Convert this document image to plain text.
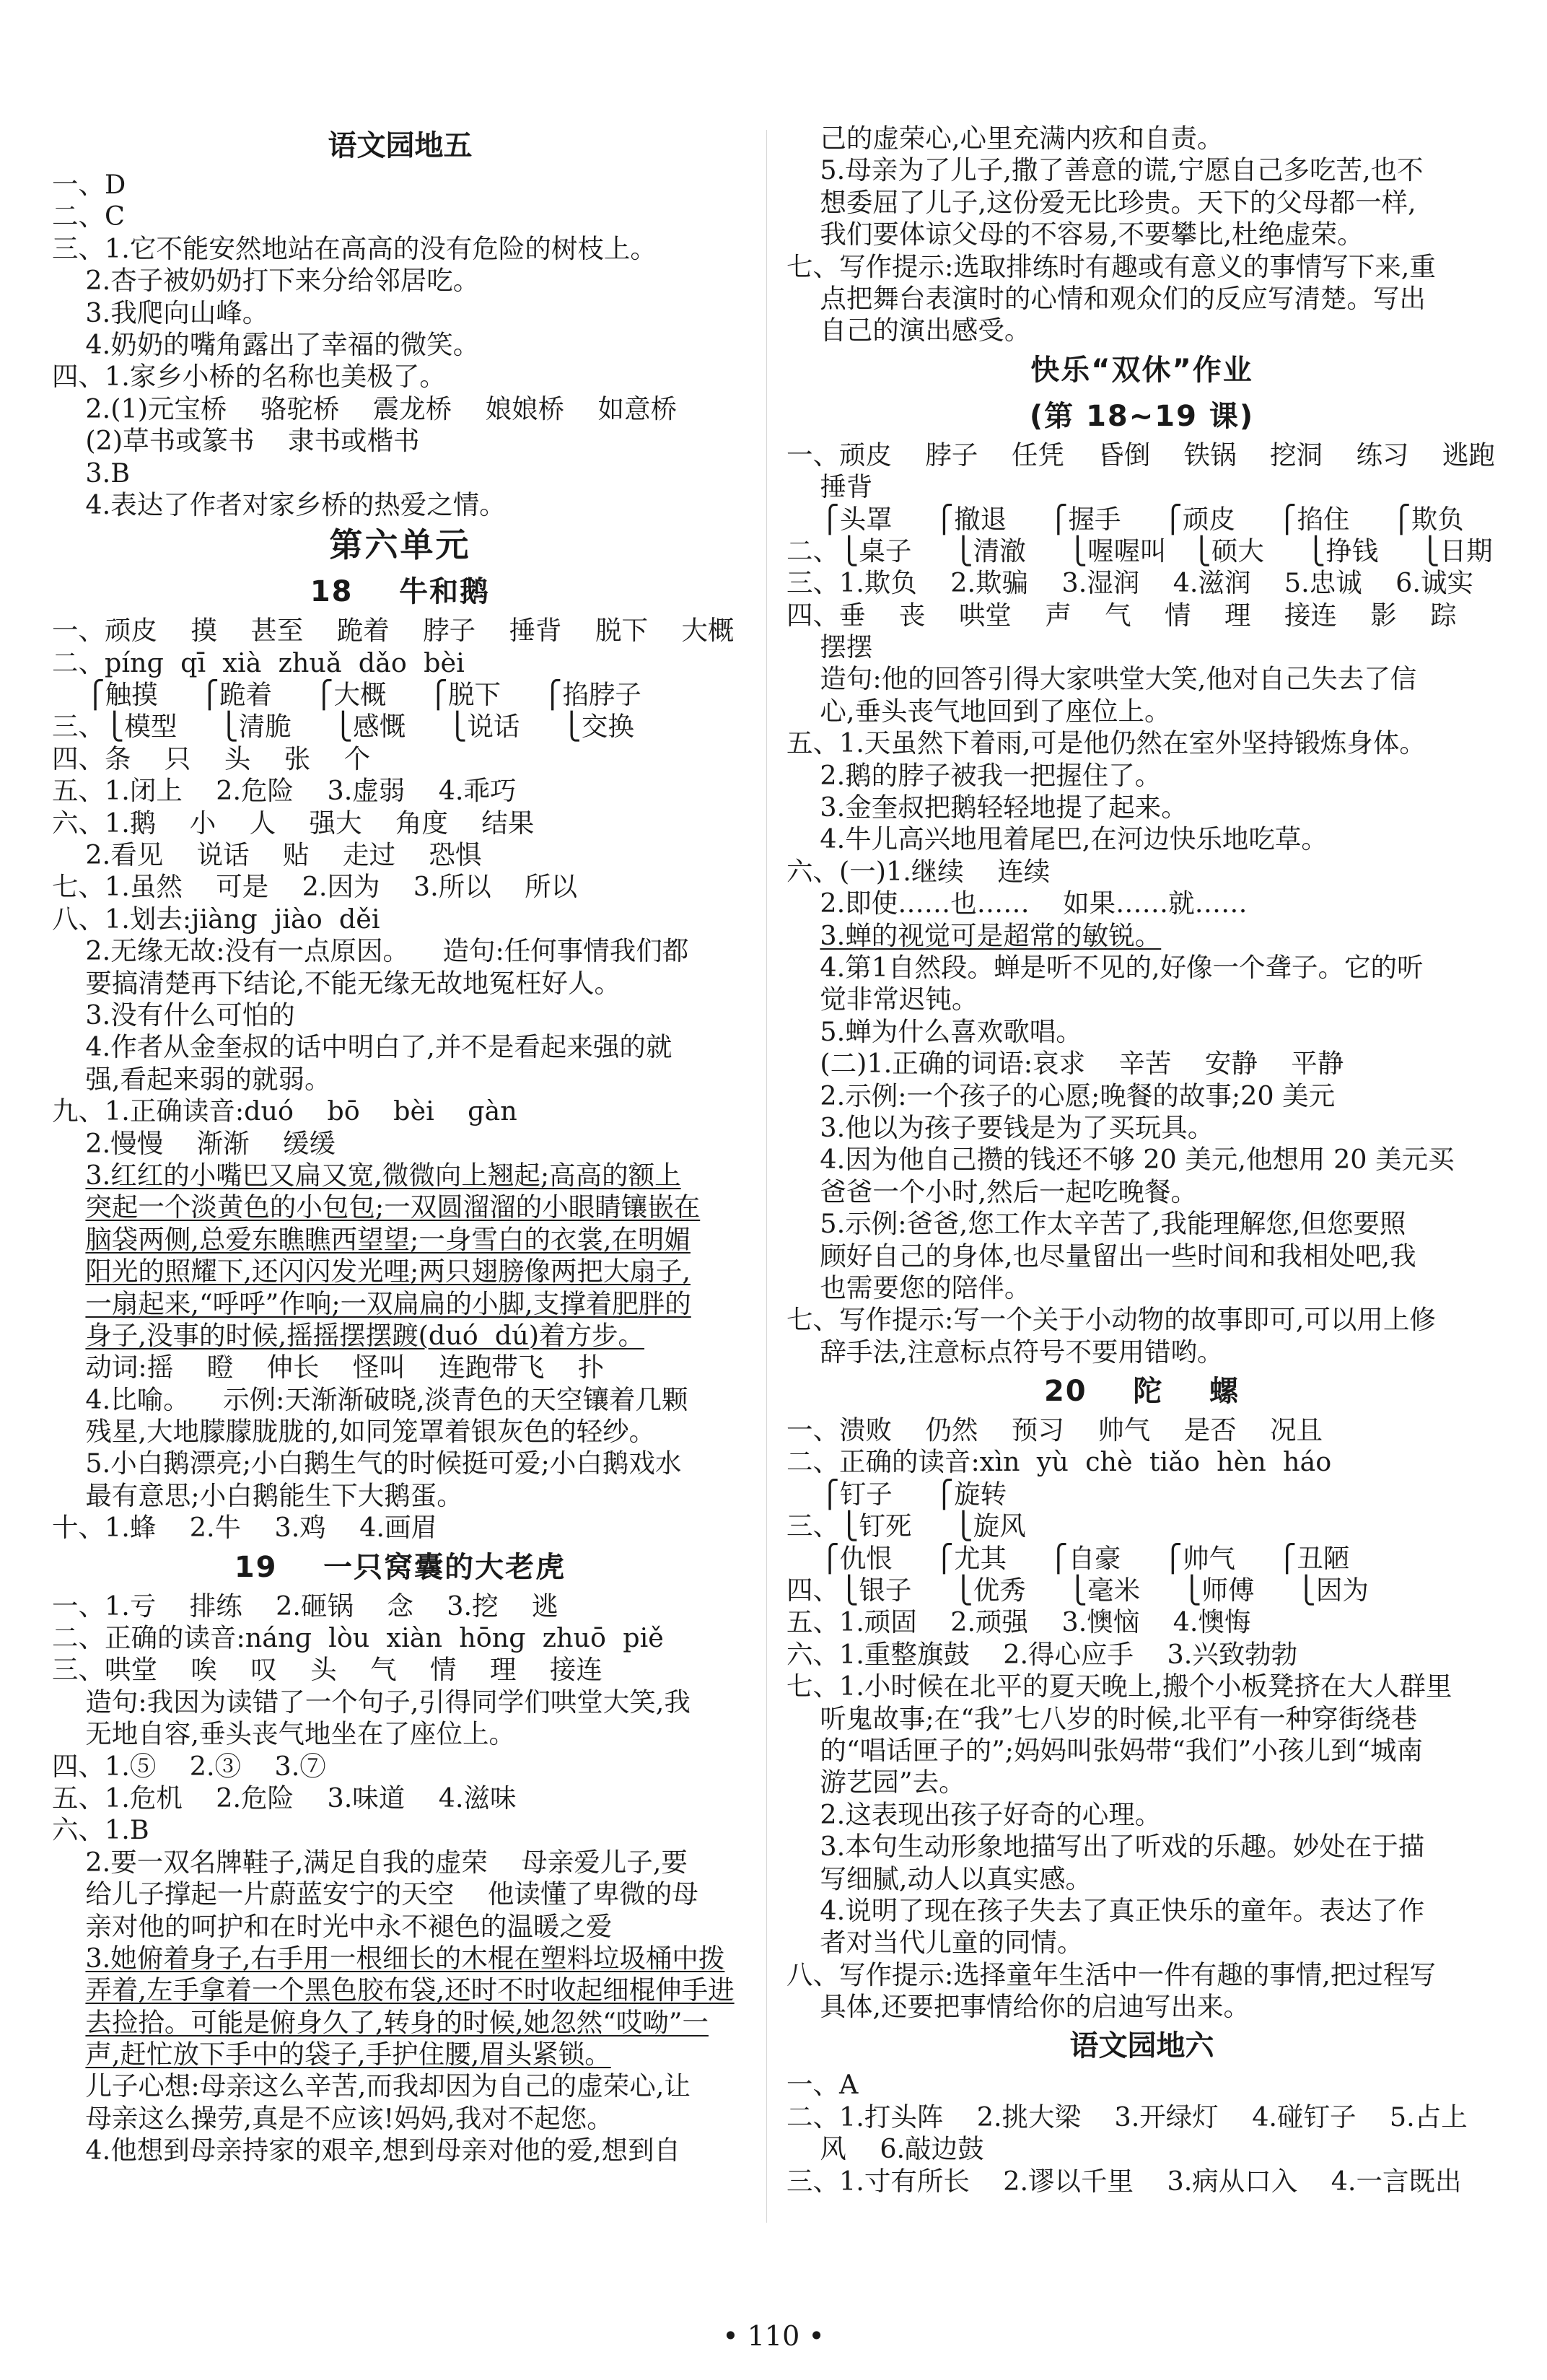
语文园地五
一、D
二、C
三、1.它不能安然地站在高高的没有危险的树枝上。
2.杏子被奶奶打下来分给邻居吃。
3.我爬向山峰。
4.奶奶的嘴角露出了幸福的微笑。
四、1.家乡小桥的名称也美极了。
2.(1)元宝桥    骆驼桥    震龙桥    娘娘桥    如意桥
(2)草书或篆书    隶书或楷书
3.B
4.表达了作者对家乡桥的热爱之情。
第六单元
18    牛和鹅
一、顽皮    摸    甚至    跪着    脖子    捶背    脱下    大概
二、pínɡ  qī  xià  zhuǎ  dǎo  bèi
⎧触摸     ⎧跪着     ⎧大概     ⎧脱下     ⎧掐脖子
三、⎩模型     ⎩清脆     ⎩感慨     ⎩说话     ⎩交换
四、条    只    头    张    个
五、1.闭上    2.危险    3.虚弱    4.乖巧
六、1.鹅    小    人    强大    角度    结果
2.看见    说话    贴    走过    恐惧
七、1.虽然    可是    2.因为    3.所以    所以
八、1.划去:jiàng  jiào  děi
2.无缘无故:没有一点原因。    造句:任何事情我们都
要搞清楚再下结论,不能无缘无故地冤枉好人。
3.没有什么可怕的
4.作者从金奎叔的话中明白了,并不是看起来强的就
强,看起来弱的就弱。
九、1.正确读音:duó    bō    bèi    ɡàn
2.慢慢    渐渐    缓缓
3.红红的小嘴巴又扁又宽,微微向上翘起;高高的额上
突起一个淡黄色的小包包;一双圆溜溜的小眼睛镶嵌在
脑袋两侧,总爱东瞧瞧西望望;一身雪白的衣裳,在明媚
阳光的照耀下,还闪闪发光哩;两只翅膀像两把大扇子,
一扇起来,“呼呼”作响;一双扁扁的小脚,支撑着肥胖的
身子,没事的时候,摇摇摆摆踱(duó  dú)着方步。
动词:摇    瞪    伸长    怪叫    连跑带飞    扑
4.比喻。    示例:天渐渐破晓,淡青色的天空镶着几颗
残星,大地朦朦胧胧的,如同笼罩着银灰色的轻纱。
5.小白鹅漂亮;小白鹅生气的时候挺可爱;小白鹅戏水
最有意思;小白鹅能生下大鹅蛋。
十、1.蜂    2.牛    3.鸡    4.画眉
19    一只窝囊的大老虎
一、1.亏    排练    2.砸锅    念    3.挖    逃
二、正确的读音:nánɡ  lòu  xiàn  hōnɡ  zhuō  piě
三、哄堂    唉    叹    头    气    情    理    接连
造句:我因为读错了一个句子,引得同学们哄堂大笑,我
无地自容,垂头丧气地坐在了座位上。
四、1.⑤    2.③    3.⑦
五、1.危机    2.危险    3.味道    4.滋味
六、1.B
2.要一双名牌鞋子,满足自我的虚荣    母亲爱儿子,要
给儿子撑起一片蔚蓝安宁的天空    他读懂了卑微的母
亲对他的呵护和在时光中永不褪色的温暖之爱
3.她俯着身子,右手用一根细长的木棍在塑料垃圾桶中拨
弄着,左手拿着一个黑色胶布袋,还时不时收起细棍伸手进
去捡拾。可能是俯身久了,转身的时候,她忽然“哎呦”一
声,赶忙放下手中的袋子,手护住腰,眉头紧锁。
儿子心想:母亲这么辛苦,而我却因为自己的虚荣心,让
母亲这么操劳,真是不应该!妈妈,我对不起您。
4.他想到母亲持家的艰辛,想到母亲对他的爱,想到自
己的虚荣心,心里充满内疚和自责。
5.母亲为了儿子,撒了善意的谎,宁愿自己多吃苦,也不
想委屈了儿子,这份爱无比珍贵。天下的父母都一样,
我们要体谅父母的不容易,不要攀比,杜绝虚荣。
七、写作提示:选取排练时有趣或有意义的事情写下来,重
点把舞台表演时的心情和观众们的反应写清楚。写出
自己的演出感受。
快乐“双休”作业
(第 18~19 课)
一、顽皮    脖子    任凭    昏倒    铁锅    挖洞    练习    逃跑
捶背
⎧头罩     ⎧撤退     ⎧握手     ⎧顽皮     ⎧掐住     ⎧欺负
二、⎩桌子     ⎩清澈     ⎩喔喔叫   ⎩硕大     ⎩挣钱     ⎩日期
三、1.欺负    2.欺骗    3.湿润    4.滋润    5.忠诚    6.诚实
四、垂    丧    哄堂    声    气    情    理    接连    影    踪
摆摆
造句:他的回答引得大家哄堂大笑,他对自己失去了信
心,垂头丧气地回到了座位上。
五、1.天虽然下着雨,可是他仍然在室外坚持锻炼身体。
2.鹅的脖子被我一把握住了。
3.金奎叔把鹅轻轻地提了起来。
4.牛儿高兴地甩着尾巴,在河边快乐地吃草。
六、(一)1.继续    连续
2.即使……也……    如果……就……
3.蝉的视觉可是超常的敏锐。
4.第1自然段。蝉是听不见的,好像一个聋子。它的听
觉非常迟钝。
5.蝉为什么喜欢歌唱。
(二)1.正确的词语:哀求    辛苦    安静    平静
2.示例:一个孩子的心愿;晚餐的故事;20 美元
3.他以为孩子要钱是为了买玩具。
4.因为他自己攒的钱还不够 20 美元,他想用 20 美元买
爸爸一个小时,然后一起吃晚餐。
5.示例:爸爸,您工作太辛苦了,我能理解您,但您要照
顾好自己的身体,也尽量留出一些时间和我相处吧,我
也需要您的陪伴。
七、写作提示:写一个关于小动物的故事即可,可以用上修
辞手法,注意标点符号不要用错哟。
20    陀    螺
一、溃败    仍然    预习    帅气    是否    况且
二、正确的读音:xìn  yù  chè  tiǎo  hèn  háo
⎧钉子     ⎧旋转
三、⎩钉死     ⎩旋风
⎧仇恨     ⎧尤其     ⎧自豪     ⎧帅气     ⎧丑陋
四、⎩银子     ⎩优秀     ⎩毫米     ⎩师傅     ⎩因为
五、1.顽固    2.顽强    3.懊恼    4.懊悔
六、1.重整旗鼓    2.得心应手    3.兴致勃勃
七、1.小时候在北平的夏天晚上,搬个小板凳挤在大人群里
听鬼故事;在“我”七八岁的时候,北平有一种穿街绕巷
的“唱话匣子的”;妈妈叫张妈带“我们”小孩儿到“城南
游艺园”去。
2.这表现出孩子好奇的心理。
3.本句生动形象地描写出了听戏的乐趣。妙处在于描
写细腻,动人以真实感。
4.说明了现在孩子失去了真正快乐的童年。表达了作
者对当代儿童的同情。
八、写作提示:选择童年生活中一件有趣的事情,把过程写
具体,还要把事情给你的启迪写出来。
语文园地六
一、A
二、1.打头阵    2.挑大梁    3.开绿灯    4.碰钉子    5.占上
风    6.敲边鼓
三、1.寸有所长    2.谬以千里    3.病从口入    4.一言既出
• 110 •
